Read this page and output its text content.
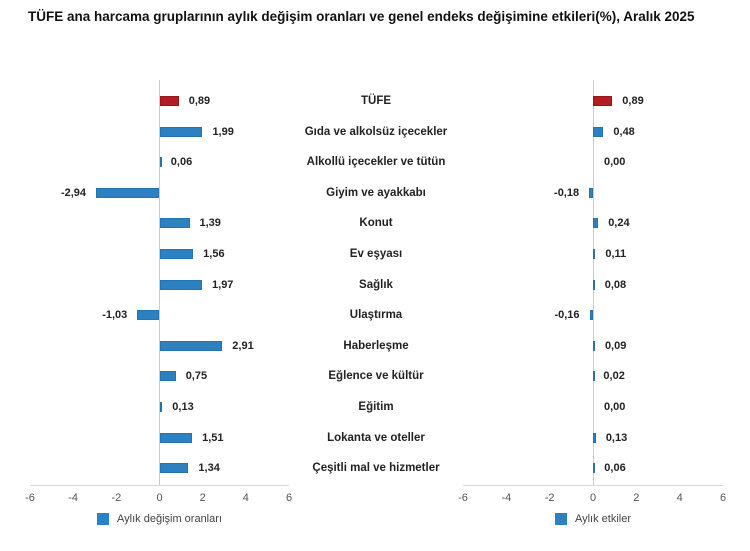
TÜFE ana harcama gruplarının aylık değişim oranları ve genel endeks değişimine etkileri(%), Aralık 2025
0,89
1,99
0,06
-2,94
1,39
1,56
1,97
-1,03
2,91
0,75
0,13
1,51
1,34
-6	-4	-2	0	2	4	6
Aylık değişim oranları
TÜFE
Gıda ve alkolsüz içecekler
Alkollü içecekler ve tütün
Giyim ve ayakkabı
Konut
Ev eşyası
Sağlık
Ulaştırma
Haberleşme
Eğlence ve kültür
Eğitim
Lokanta ve oteller
Çeşitli mal ve hizmetler
0,89
0,48
0,00
-0,18
0,24
0,11
0,08
-0,16
0,09
0,02
0,00
0,13
0,06
-6	-4	-2	0	2	4	6
Aylık etkiler
